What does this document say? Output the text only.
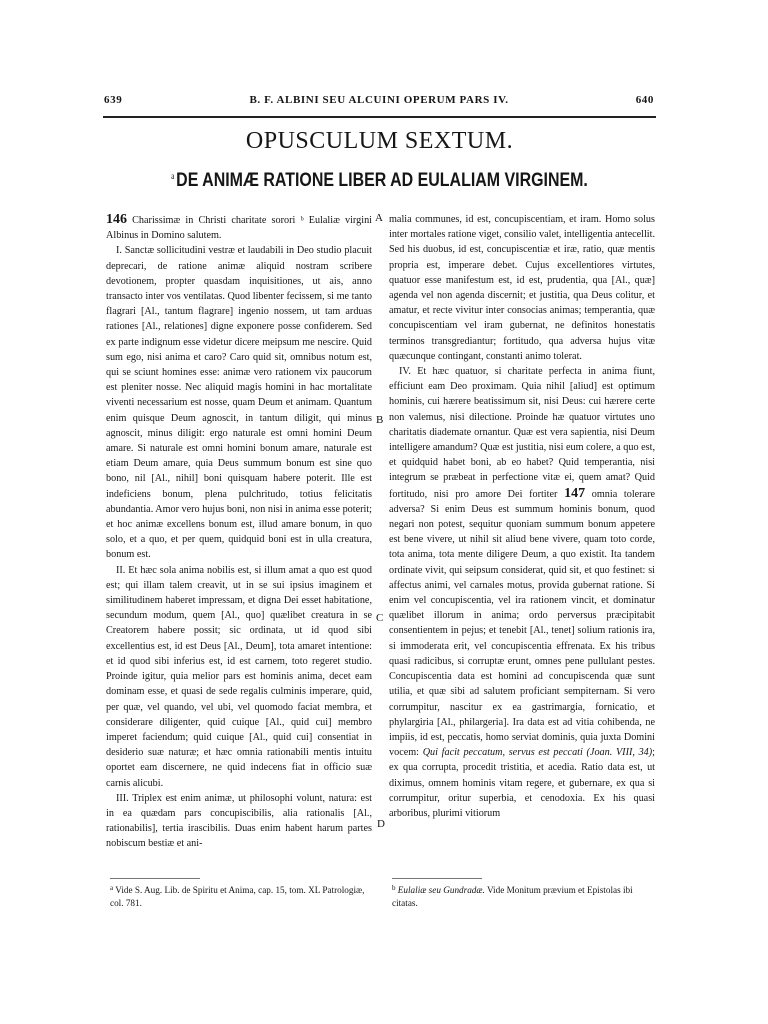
639	B. F. ALBINI SEU ALCUINI OPERUM PARS IV.	640
OPUSCULUM SEXTUM.
$^a$DE ANIMÆ RATIONE LIBER AD EULALIAM VIRGINEM.

146 Charissimæ in Christi charitate sorori ᵇ Eulaliæ virgini Albinus in Domino salutem.

I. Sanctæ sollicitudini vestræ et laudabili in Deo studio placuit deprecari, de ratione animæ aliquid nostram scribere devotionem, propter quasdam inquisitiones, ut ais, anno transacto inter vos ventilatas. Quod libenter fecissem, si me tanto flagrari [Al., tantum flagrare] ingenio nossem, ut tam arduas rationes [Al., relationes] digne exponere posse confiderem. Sed ex parte indignum esse videtur dicere meipsum me nescire. Quid sum ego, nisi anima et caro? Caro quid sit, omnibus notum est, qui se sciunt homines esse: animæ vero rationem vix paucorum est pleniter nosse. Nec aliquid magis homini in hac mortalitate viventi necessarium est nosse, quam Deum et animam. Quantum enim quisque Deum agnoscit, in tantum diligit, qui minus agnoscit, minus diligit: ergo naturale est omni homini Deum amare. Si naturale est omni homini bonum amare, naturale est etiam Deum amare, quia Deus summum bonum est sine quo bono, nil [Al., nihil] boni quisquam habere poterit. Ille est indeficiens bonum, plena pulchritudo, totius felicitatis abundantia. Amor vero hujus boni, non nisi in anima esse poterit; et hoc animæ excellens bonum est, illud amare bonum, in quo solo, et a quo, et per quem, quidquid boni est in ulla creatura, bonum est.

II. Et hæc sola anima nobilis est, si illum amat a quo est quod est; qui illam talem creavit, ut in se sui ipsius imaginem et similitudinem haberet impressam, et digna Dei esset habitatione, secundum modum, quem [Al., quo] quælibet creatura in se Creatorem habere possit; sic ordinata, ut id quod sibi excellentius est, id est Deus [Al., Deum], tota amaret intentione: et id quod sibi inferius est, id est carnem, toto regeret studio. Proinde igitur, quia melior pars est hominis anima, decet eam dominam esse, et quasi de sede regalis culminis imperare, quid, per quæ, vel quando, vel ubi, vel quomodo faciat membra, et considerare diligenter, quid cuique [Al., quid cui] membro imperet faciendum; quid cuique [Al., quid cui] consentiat in desiderio suæ naturæ; et hæc omnia rationabili mentis intuitu oportet eam discernere, ne quid indecens fiat in officio suæ carnis alicubi.

III. Triplex est enim animæ, ut philosophi volunt, natura: est in ea quædam pars concupiscibilis, alia rationalis [Al., rationabilis], tertia irascibilis. Duas enim habent harum partes nobiscum bestiæ et ani-

malia communes, id est, concupiscentiam, et iram. Homo solus inter mortales ratione viget, consilio valet, intelligentia antecellit. Sed his duobus, id est, concupiscentiæ et iræ, ratio, quæ mentis propria est, imperare debet. Cujus excellentiores virtutes, quatuor esse manifestum est, id est, prudentia, qua [Al., quæ] agenda vel non agenda discernit; et justitia, qua Deus colitur, et amatur, et recte vivitur inter consocias animas; temperantia, quæ concupiscentiam vel iram gubernat, ne definitos honestatis terminos transgrediantur; fortitudo, qua adversa hujus vitæ quæcunque contingant, constanti animo tolerat.

IV. Et hæc quatuor, si charitate perfecta in anima fiunt, efficiunt eam Deo proximam. Quia nihil [aliud] est optimum hominis, cui hærere beatissimum sit, nisi Deus: cui hærere certe non valemus, nisi dilectione. Proinde hæ quatuor virtutes uno charitatis diademate ornantur. Quæ est vera sapientia, nisi Deum intelligere amandum? Quæ est justitia, nisi eum colere, a quo est, et quidquid habet boni, ab eo habet? Quid temperantia, nisi integrum se præbeat in perfectione vitæ ei, quem amat? Quid fortitudo, nisi pro amore Dei fortiter 147 omnia tolerare adversa? Si enim Deus est summum hominis bonum, quod negari non potest, sequitur quoniam summum bonum appetere est bene vivere, ut nihil sit aliud bene vivere, quam toto corde, tota anima, tota mente diligere Deum, a quo existit. Ita tandem ordinate vivit, qui seipsum considerat, quid sit, et quo festinet: si affectus animi, vel carnales motus, provida gubernat ratione. Si enim vel concupiscentia, vel ira rationem vincit, et dominatur quælibet illorum in anima; ordo perversus præcipitabit consentientem in pejus; et tenebit [Al., tenet] solium rationis ira, si immoderata erit, vel concupiscentia effrenata. Ex his tribus quasi radicibus, si corruptæ erunt, omnes pene pullulant pestes. Concupiscentia data est homini ad concupiscenda quæ sunt utilia, et quæ sibi ad salutem proficiant sempiternam. Si vero corrumpitur, nascitur ex ea gastrimargia, fornicatio, et phylargiria [Al., philargeria]. Ira data est ad vitia cohibenda, ne impiis, id est, peccatis, homo serviat dominis, quia juxta Domini vocem: Qui facit peccatum, servus est peccati (Joan. VIII, 34); ex qua corrupta, procedit tristitia, et acedia. Ratio data est, ut diximus, omnem hominis vitam regere, et gubernare, ex qua si corrumpitur, oritur superbia, et cenodoxia. Ex his quasi arboribus, plurimi vitiorum

A
B
C
D
$^a$ Vide S. Aug. Lib. de Spiritu et Anima, cap. 15, tom. XL Patrologiæ, col. 781.
$^b$ Eulaliæ seu Gundradæ. Vide Monitum prævium et Epistolas ibi citatas.
